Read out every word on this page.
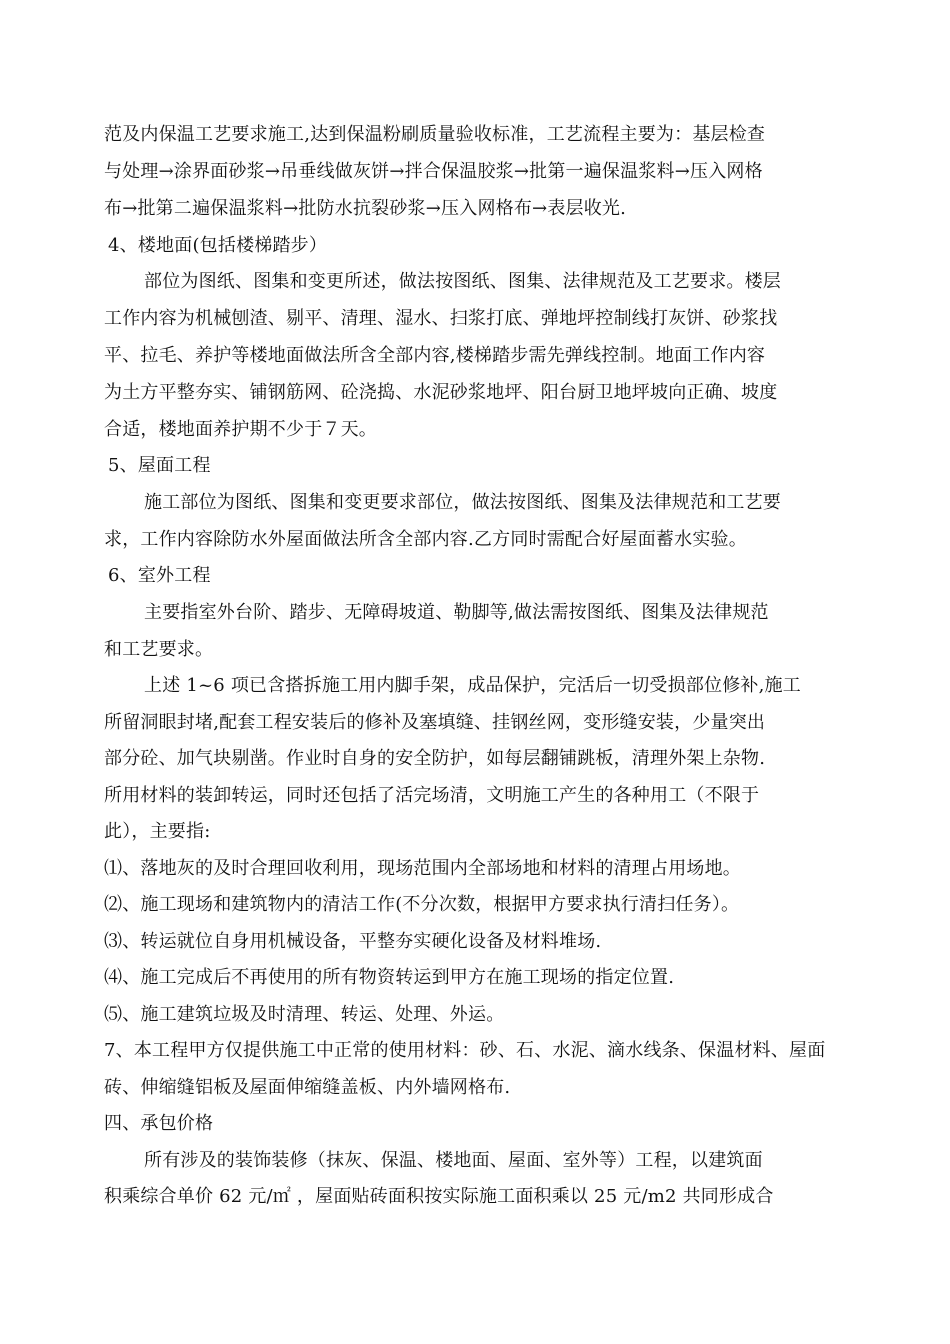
范及内保温工艺要求施工,达到保温粉刷质量验收标准，工艺流程主要为：基层检查
与处理→涂界面砂浆→吊垂线做灰饼→拌合保温胶浆→批第一遍保温浆料→压入网格
布→批第二遍保温浆料→批防水抗裂砂浆→压入网格布→表层收光.
4、楼地面(包括楼梯踏步）
部位为图纸、图集和变更所述，做法按图纸、图集、法律规范及工艺要求。楼层
工作内容为机械刨渣、剔平、清理、湿水、扫浆打底、弹地坪控制线打灰饼、砂浆找
平、拉毛、养护等楼地面做法所含全部内容,楼梯踏步需先弹线控制。地面工作内容
为土方平整夯实、铺钢筋网、砼浇捣、水泥砂浆地坪、阳台厨卫地坪坡向正确、坡度
合适，楼地面养护期不少于７天。
5、屋面工程
施工部位为图纸、图集和变更要求部位，做法按图纸、图集及法律规范和工艺要
求，工作内容除防水外屋面做法所含全部内容.乙方同时需配合好屋面蓄水实验。
6、室外工程
主要指室外台阶、踏步、无障碍坡道、勒脚等,做法需按图纸、图集及法律规范
和工艺要求。
上述 1~6 项已含搭拆施工用内脚手架，成品保护，完活后一切受损部位修补,施工
所留洞眼封堵,配套工程安装后的修补及塞填缝、挂钢丝网，变形缝安装，少量突出
部分砼、加气块剔凿。作业时自身的安全防护，如每层翻铺跳板，清理外架上杂物.
所用材料的装卸转运，同时还包括了活完场清，文明施工产生的各种用工（不限于
此），主要指:
⑴、落地灰的及时合理回收利用，现场范围内全部场地和材料的清理占用场地。
⑵、施工现场和建筑物内的清洁工作(不分次数，根据甲方要求执行清扫任务）。
⑶、转运就位自身用机械设备，平整夯实硬化设备及材料堆场.
⑷、施工完成后不再使用的所有物资转运到甲方在施工现场的指定位置.
⑸、施工建筑垃圾及时清理、转运、处理、外运。
7、本工程甲方仅提供施工中正常的使用材料：砂、石、水泥、滴水线条、保温材料、屋面
砖、伸缩缝铝板及屋面伸缩缝盖板、内外墙网格布.
四、承包价格
所有涉及的装饰装修（抹灰、保温、楼地面、屋面、室外等）工程，以建筑面
积乘综合单价 62 元/㎡ ，屋面贴砖面积按实际施工面积乘以 25 元/m2 共同形成合
